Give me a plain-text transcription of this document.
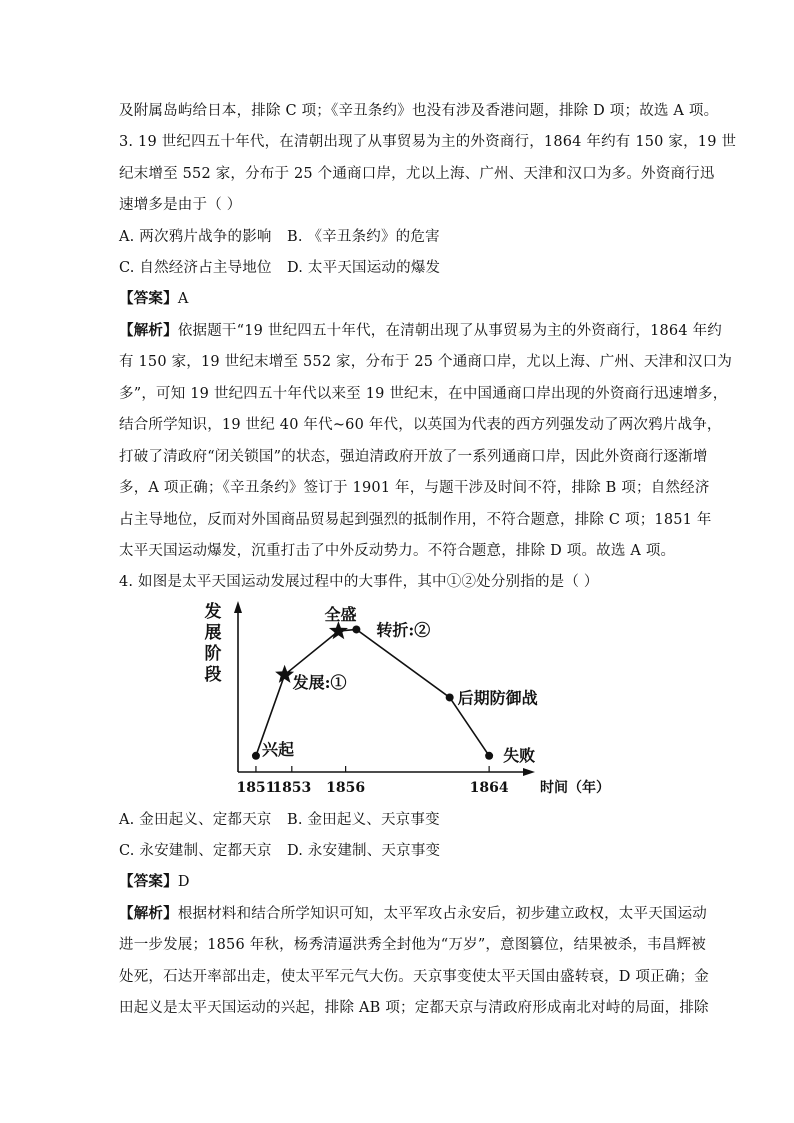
及附属岛屿给日本，排除 C 项；《辛丑条约》也没有涉及香港问题，排除 D 项；故选 A 项。
3. 19 世纪四五十年代，在清朝出现了从事贸易为主的外资商行，1864 年约有 150 家，19 世
纪末增至 552 家，分布于 25 个通商口岸，尤以上海、广州、天津和汉口为多。外资商行迅
速增多是由于（ ）
A. 两次鸦片战争的影响 B. 《辛丑条约》的危害
C. 自然经济占主导地位 D. 太平天国运动的爆发
【答案】A
【解析】依据题干“19 世纪四五十年代，在清朝出现了从事贸易为主的外资商行，1864 年约
有 150 家，19 世纪末增至 552 家，分布于 25 个通商口岸，尤以上海、广州、天津和汉口为
多”，可知 19 世纪四五十年代以来至 19 世纪末，在中国通商口岸出现的外资商行迅速增多，
结合所学知识，19 世纪 40 年代~60 年代，以英国为代表的西方列强发动了两次鸦片战争，
打破了清政府“闭关锁国”的状态，强迫清政府开放了一系列通商口岸，因此外资商行逐渐增
多，A 项正确；《辛丑条约》签订于 1901 年，与题干涉及时间不符，排除 B 项；自然经济
占主导地位，反而对外国商品贸易起到强烈的抵制作用，不符合题意，排除 C 项；1851 年
太平天国运动爆发，沉重打击了中外反动势力。不符合题意，排除 D 项。故选 A 项。
4. 如图是太平天国运动发展过程中的大事件，其中①②处分别指的是（ ）
发
展
阶
段
1851
1853 1856	1864 时间（年）
兴起
发展:①
全盛
转折:②
后期防御战
失败
A. 金田起义、定都天京 B. 金田起义、天京事变
C. 永安建制、定都天京 D. 永安建制、天京事变
【答案】D
【解析】根据材料和结合所学知识可知，太平军攻占永安后，初步建立政权，太平天国运动
进一步发展；1856 年秋，杨秀清逼洪秀全封他为“万岁”，意图篡位，结果被杀，韦昌辉被
处死，石达开率部出走，使太平军元气大伤。天京事变使太平天国由盛转衰，D 项正确；金
田起义是太平天国运动的兴起，排除 AB 项；定都天京与清政府形成南北对峙的局面，排除
